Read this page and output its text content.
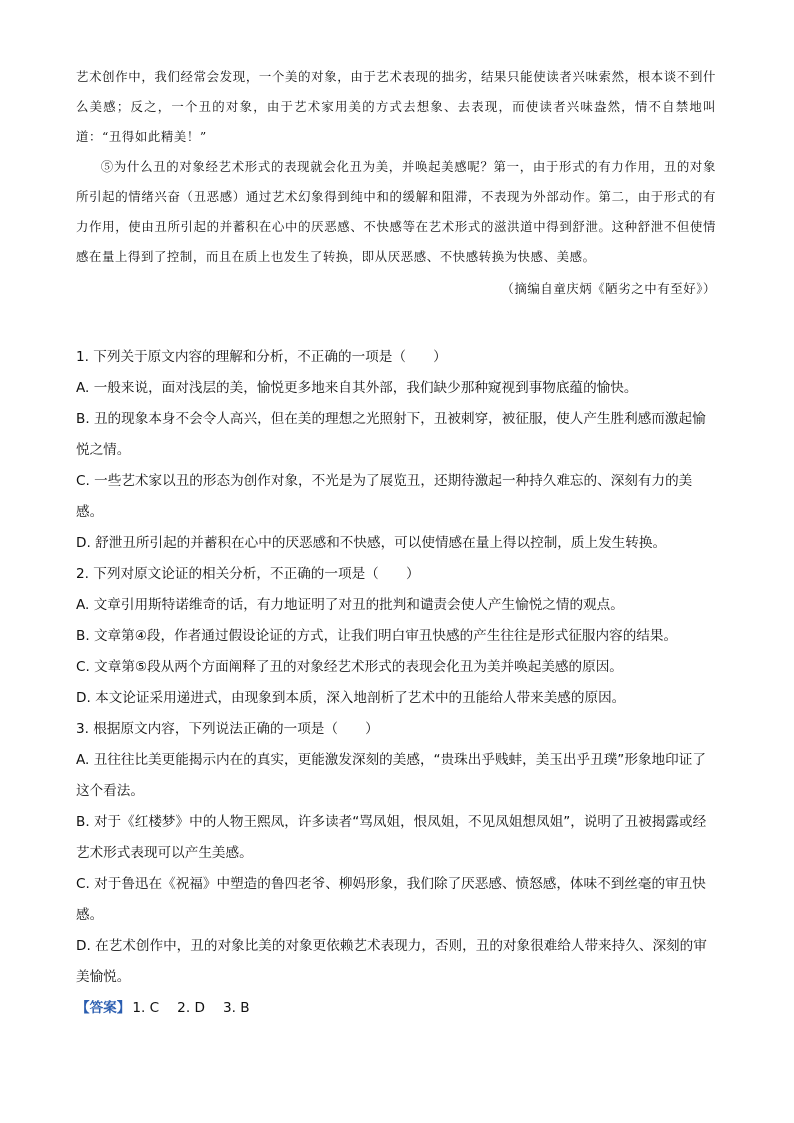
艺术创作中，我们经常会发现，一个美的对象，由于艺术表现的拙劣，结果只能使读者兴味索然，根本谈不到什么美感；反之，一个丑的对象，由于艺术家用美的方式去想象、去表现，而使读者兴味盎然，情不自禁地叫道：“丑得如此精美！”

⑤为什么丑的对象经艺术形式的表现就会化丑为美，并唤起美感呢？第一，由于形式的有力作用，丑的对象所引起的情绪兴奋（丑恶感）通过艺术幻象得到纯中和的缓解和阻滞，不表现为外部动作。第二，由于形式的有力作用，使由丑所引起的并蓄积在心中的厌恶感、不快感等在艺术形式的滋洪道中得到舒泄。这种舒泄不但使情感在量上得到了控制，而且在质上也发生了转换，即从厌恶感、不快感转换为快感、美感。

（摘编自童庆炳《陋劣之中有至好》）

1. 下列关于原文内容的理解和分析，不正确的一项是（　　）

A. 一般来说，面对浅层的美，愉悦更多地来自其外部，我们缺少那种窥视到事物底蕴的愉快。

B. 丑的现象本身不会令人高兴，但在美的理想之光照射下，丑被刺穿，被征服，使人产生胜利感而激起愉悦之情。

C. 一些艺术家以丑的形态为创作对象，不光是为了展览丑，还期待激起一种持久难忘的、深刻有力的美感。

D. 舒泄丑所引起的并蓄积在心中的厌恶感和不快感，可以使情感在量上得以控制，质上发生转换。

2. 下列对原文论证的相关分析，不正确的一项是（　　）

A. 文章引用斯特诺维奇的话，有力地证明了对丑的批判和谴责会使人产生愉悦之情的观点。

B. 文章第④段，作者通过假设论证的方式，让我们明白审丑快感的产生往往是形式征服内容的结果。

C. 文章第⑤段从两个方面阐释了丑的对象经艺术形式的表现会化丑为美并唤起美感的原因。

D. 本文论证采用递进式，由现象到本质，深入地剖析了艺术中的丑能给人带来美感的原因。

3. 根据原文内容，下列说法正确的一项是（　　）

A. 丑往往比美更能揭示内在的真实，更能激发深刻的美感，“贵珠出乎贱蚌，美玉出乎丑璞”形象地印证了这个看法。

B. 对于《红楼梦》中的人物王熙凤，许多读者“骂凤姐，恨凤姐，不见凤姐想凤姐”，说明了丑被揭露或经艺术形式表现可以产生美感。

C. 对于鲁迅在《祝福》中塑造的鲁四老爷、柳妈形象，我们除了厌恶感、愤怒感，体味不到丝毫的审丑快感。

D. 在艺术创作中，丑的对象比美的对象更依赖艺术表现力，否则，丑的对象很难给人带来持久、深刻的审美愉悦。

【答案】 1. C 2. D 3. B
